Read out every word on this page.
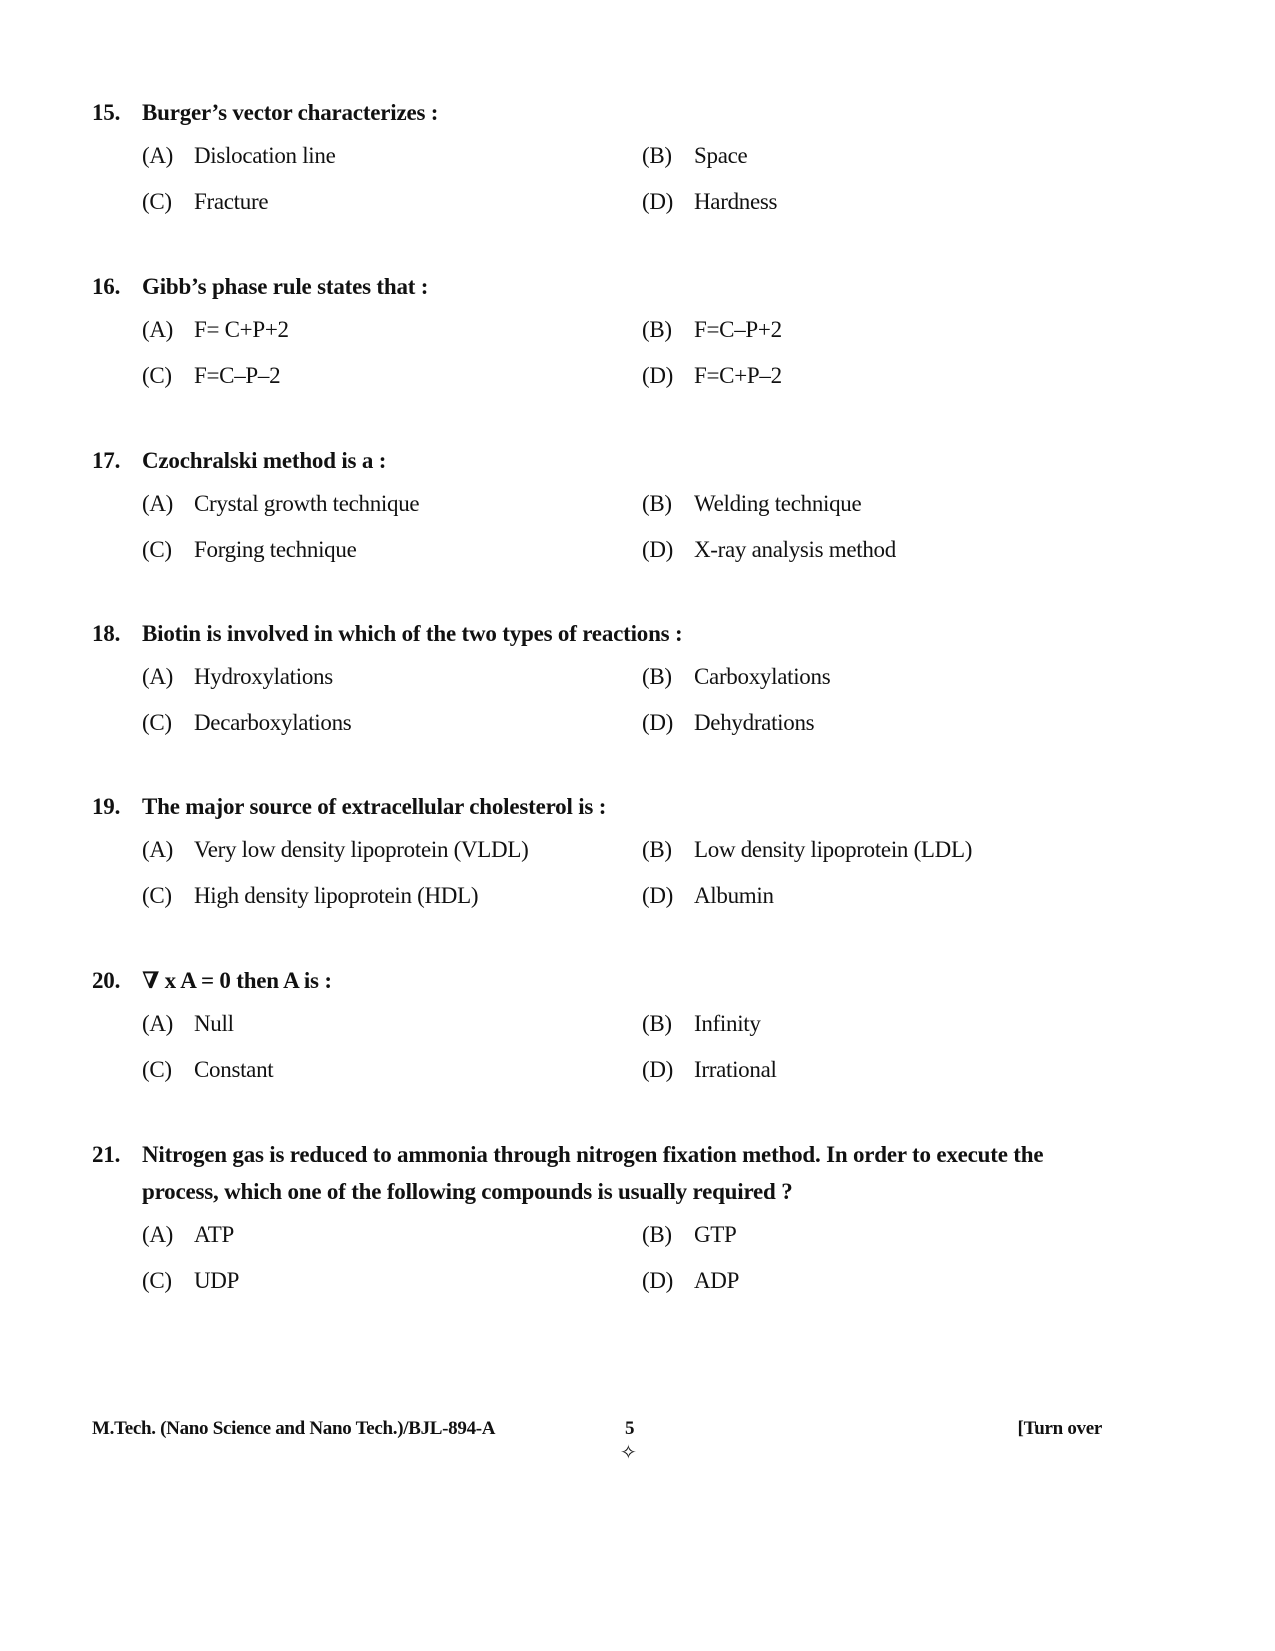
15. Burger’s vector characterizes :
(A) Dislocation line	(B) Space
(C) Fracture	(D) Hardness
16. Gibb’s phase rule states that :
(A) F= C+P+2	(B) F=C–P+2
(C) F=C–P–2	(D) F=C+P–2
17. Czochralski method is a :
(A) Crystal growth technique	(B) Welding technique
(C) Forging technique	(D) X-ray analysis method
18. Biotin is involved in which of the two types of reactions :
(A) Hydroxylations	(B) Carboxylations
(C) Decarboxylations	(D) Dehydrations
19. The major source of extracellular cholesterol is :
(A) Very low density lipoprotein (VLDL)	(B) Low density lipoprotein (LDL)
(C) High density lipoprotein (HDL)	(D) Albumin
20. ∇ x A = 0 then A is :
(A) Null	(B) Infinity
(C) Constant	(D) Irrational
21. Nitrogen gas is reduced to ammonia through nitrogen fixation method. In order to execute the process, which one of the following compounds is usually required ?
(A) ATP	(B) GTP
(C) UDP	(D) ADP
M.Tech. (Nano Science and Nano Tech.)/BJL-894-A	5
✧
[Turn over
